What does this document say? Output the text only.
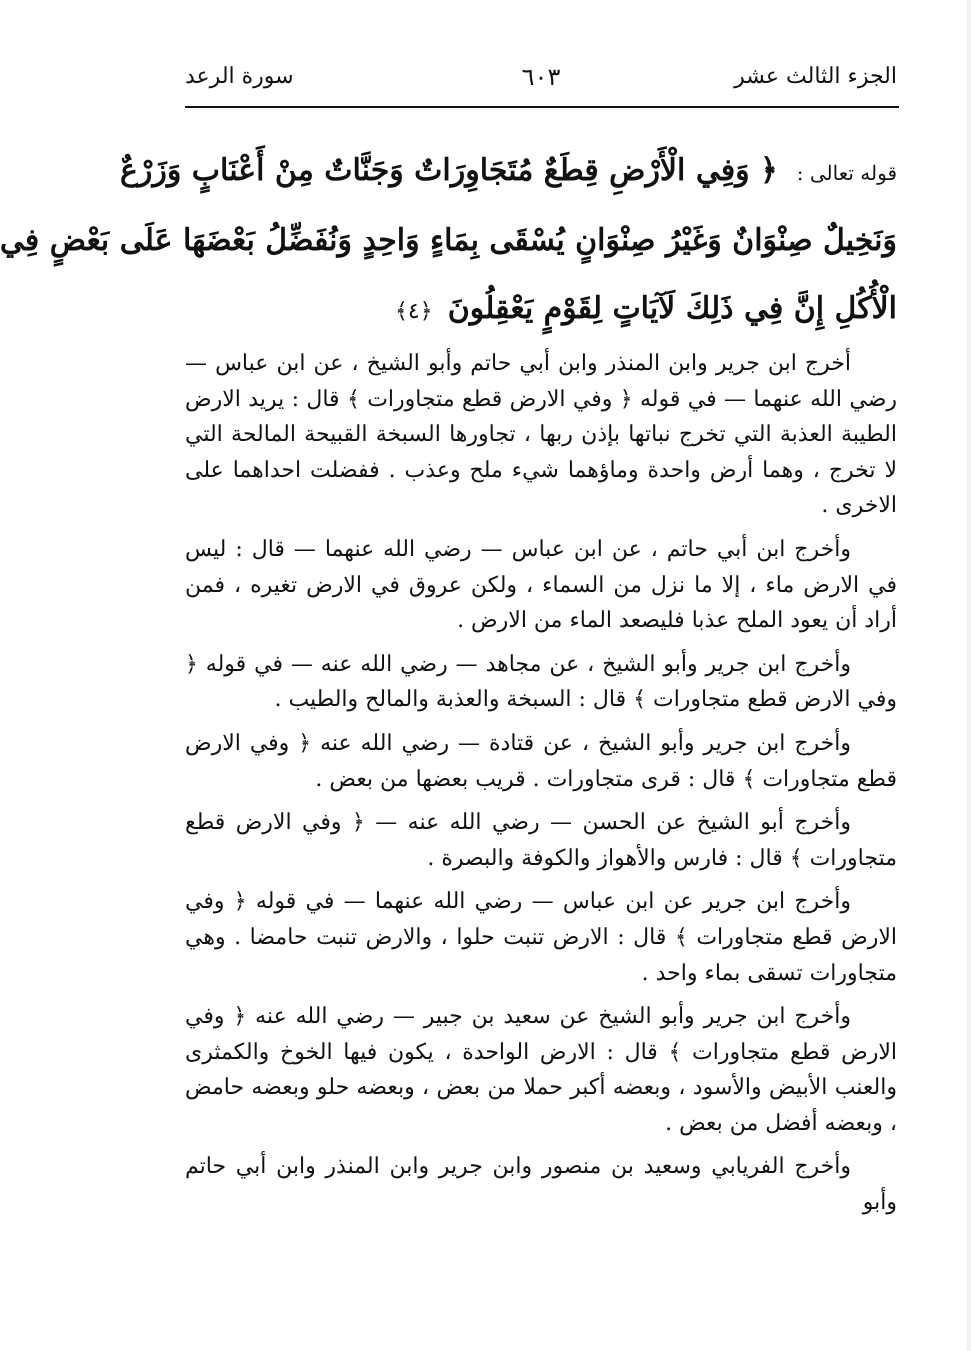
الجزء الثالث عشر
٦٠٣
سورة الرعد
قوله تعالى : ﴿ وَفِي الْأَرْضِ قِطَعٌ مُتَجَاوِرَاتٌ وَجَنَّاتٌ مِنْ أَعْنَابٍ وَزَرْعٌ
وَنَخِيلٌ صِنْوَانٌ وَغَيْرُ صِنْوَانٍ يُسْقَى بِمَاءٍ وَاحِدٍ وَنُفَضِّلُ بَعْضَهَا عَلَى بَعْضٍ فِي
الْأُكُلِ إِنَّ فِي ذَلِكَ لَآيَاتٍ لِقَوْمٍ يَعْقِلُونَ ﴿٤﴾

أخرج ابن جرير وابن المنذر وابن أبي حاتم وأبو الشيخ ، عن ابن عباس — رضي الله عنهما — في قوله ﴿ وفي الارض قطع متجاورات ﴾ قال : يريد الارض الطيبة العذبة التي تخرج نباتها بإذن ربها ، تجاورها السبخة القبيحة المالحة التي لا تخرج ، وهما أرض واحدة وماؤهما شيء ملح وعذب . ففضلت احداهما على الاخرى .

وأخرج ابن أبي حاتم ، عن ابن عباس — رضي الله عنهما — قال : ليس في الارض ماء ، إلا ما نزل من السماء ، ولكن عروق في الارض تغيره ، فمن أراد أن يعود الملح عذبا فليصعد الماء من الارض .

وأخرج ابن جرير وأبو الشيخ ، عن مجاهد — رضي الله عنه — في قوله ﴿ وفي الارض قطع متجاورات ﴾ قال : السبخة والعذبة والمالح والطيب .

وأخرج ابن جرير وأبو الشيخ ، عن قتادة — رضي الله عنه ﴿ وفي الارض قطع متجاورات ﴾ قال : قرى متجاورات . قريب بعضها من بعض .

وأخرج أبو الشيخ عن الحسن — رضي الله عنه — ﴿ وفي الارض قطع متجاورات ﴾ قال : فارس والأهواز والكوفة والبصرة .

وأخرج ابن جرير عن ابن عباس — رضي الله عنهما — في قوله ﴿ وفي الارض قطع متجاورات ﴾ قال : الارض تنبت حلوا ، والارض تنبت حامضا . وهي متجاورات تسقى بماء واحد .

وأخرج ابن جرير وأبو الشيخ عن سعيد بن جبير — رضي الله عنه ﴿ وفي الارض قطع متجاورات ﴾ قال : الارض الواحدة ، يكون فيها الخوخ والكمثرى والعنب الأبيض والأسود ، وبعضه أكبر حملا من بعض ، وبعضه حلو وبعضه حامض ، وبعضه أفضل من بعض .

وأخرج الفريابي وسعيد بن منصور وابن جرير وابن المنذر وابن أبي حاتم وأبو
